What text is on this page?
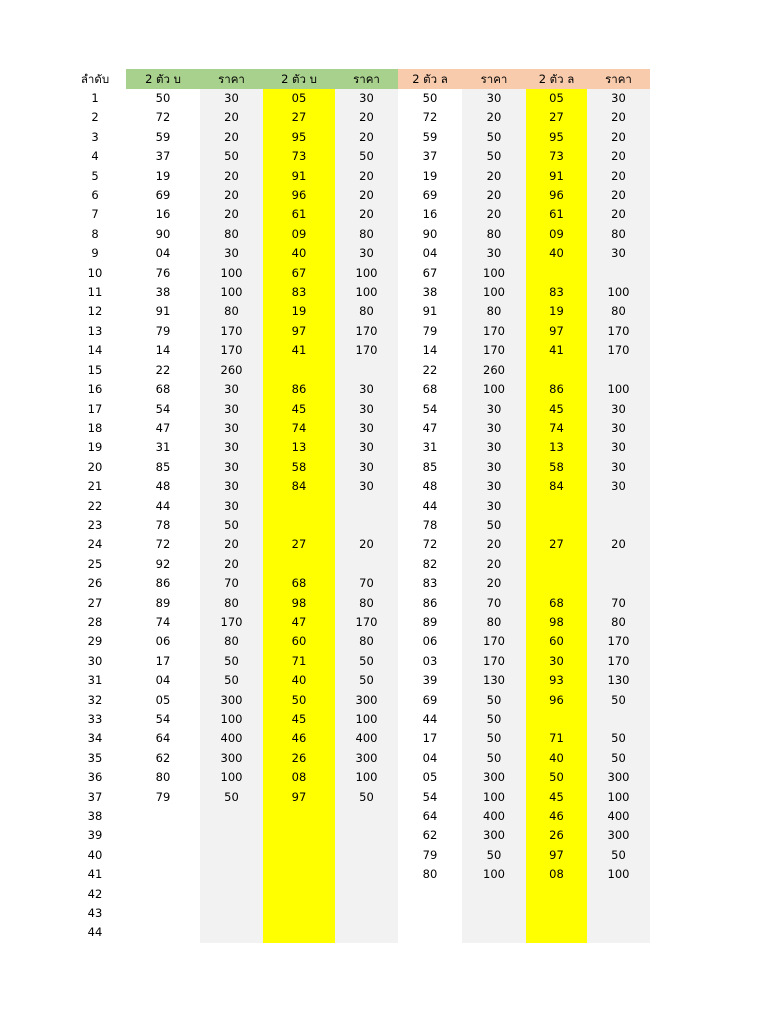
ลำดับ	2 ตัว บ	ราคา	2 ตัว บ	ราคา	2 ตัว ล	ราคา	2 ตัว ล	ราคา
1	50	30	05	30	50	30	05	30
2	72	20	27	20	72	20	27	20
3	59	20	95	20	59	50	95	20
4	37	50	73	50	37	50	73	20
5	19	20	91	20	19	20	91	20
6	69	20	96	20	69	20	96	20
7	16	20	61	20	16	20	61	20
8	90	80	09	80	90	80	09	80
9	04	30	40	30	04	30	40	30
10	76	100	67	100	67	100		
11	38	100	83	100	38	100	83	100
12	91	80	19	80	91	80	19	80
13	79	170	97	170	79	170	97	170
14	14	170	41	170	14	170	41	170
15	22	260			22	260		
16	68	30	86	30	68	100	86	100
17	54	30	45	30	54	30	45	30
18	47	30	74	30	47	30	74	30
19	31	30	13	30	31	30	13	30
20	85	30	58	30	85	30	58	30
21	48	30	84	30	48	30	84	30
22	44	30			44	30		
23	78	50			78	50		
24	72	20	27	20	72	20	27	20
25	92	20			82	20		
26	86	70	68	70	83	20		
27	89	80	98	80	86	70	68	70
28	74	170	47	170	89	80	98	80
29	06	80	60	80	06	170	60	170
30	17	50	71	50	03	170	30	170
31	04	50	40	50	39	130	93	130
32	05	300	50	300	69	50	96	50
33	54	100	45	100	44	50		
34	64	400	46	400	17	50	71	50
35	62	300	26	300	04	50	40	50
36	80	100	08	100	05	300	50	300
37	79	50	97	50	54	100	45	100
38					64	400	46	400
39					62	300	26	300
40					79	50	97	50
41					80	100	08	100
42								
43								
44								
